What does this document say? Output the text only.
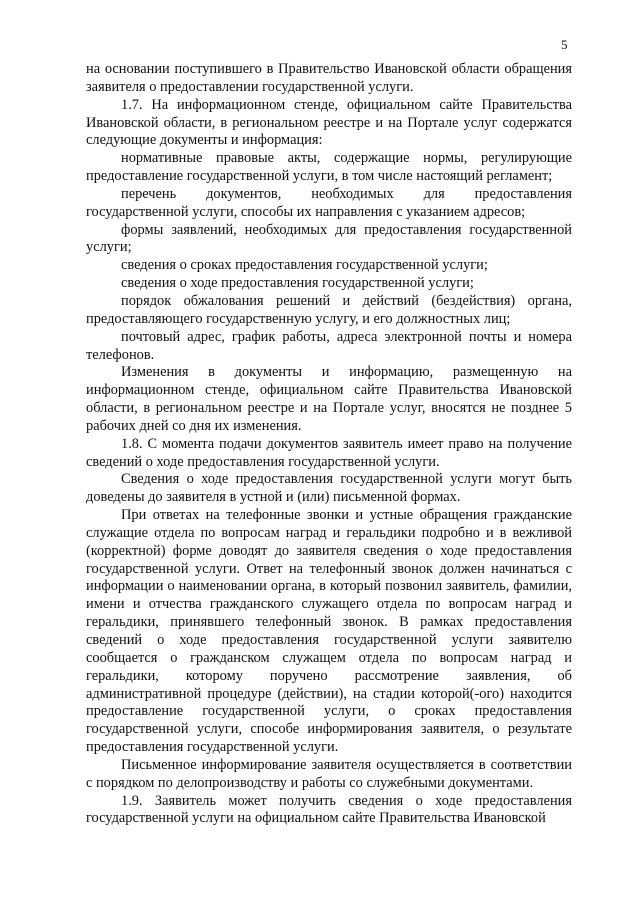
5

на основании поступившего в Правительство Ивановской области обращения заявителя о предоставлении государственной услуги.

1.7. На информационном стенде, официальном сайте Правительства Ивановской области, в региональном реестре и на Портале услуг содержатся следующие документы и информация:

нормативные правовые акты, содержащие нормы, регулирующие предоставление государственной услуги, в том числе настоящий регламент;

перечень документов, необходимых для предоставления государственной услуги, способы их направления с указанием адресов;

формы заявлений, необходимых для предоставления государственной услуги;

сведения о сроках предоставления государственной услуги;

сведения о ходе предоставления государственной услуги;

порядок обжалования решений и действий (бездействия) органа, предоставляющего государственную услугу, и его должностных лиц;

почтовый адрес, график работы, адреса электронной почты и номера телефонов.

Изменения в документы и информацию, размещенную на информационном стенде, официальном сайте Правительства Ивановской области, в региональном реестре и на Портале услуг, вносятся не позднее 5 рабочих дней со дня их изменения.

1.8. С момента подачи документов заявитель имеет право на получение сведений о ходе предоставления государственной услуги.

Сведения о ходе предоставления государственной услуги могут быть доведены до заявителя в устной и (или) письменной формах.

При ответах на телефонные звонки и устные обращения гражданские служащие отдела по вопросам наград и геральдики подробно и в вежливой (корректной) форме доводят до заявителя сведения о ходе предоставления государственной услуги. Ответ на телефонный звонок должен начинаться с информации о наименовании органа, в который позвонил заявитель, фамилии, имени и отчества гражданского служащего отдела по вопросам наград и геральдики, принявшего телефонный звонок. В рамках предоставления сведений о ходе предоставления государственной услуги заявителю сообщается о гражданском служащем отдела по вопросам наград и геральдики, которому поручено рассмотрение заявления, об административной процедуре (действии), на стадии которой(-ого) находится предоставление государственной услуги, о сроках предоставления государственной услуги, способе информирования заявителя, о результате предоставления государственной услуги.

Письменное информирование заявителя осуществляется в соответствии с порядком по делопроизводству и работы со служебными документами.

1.9. Заявитель может получить сведения о ходе предоставления государственной услуги на официальном сайте Правительства Ивановской
